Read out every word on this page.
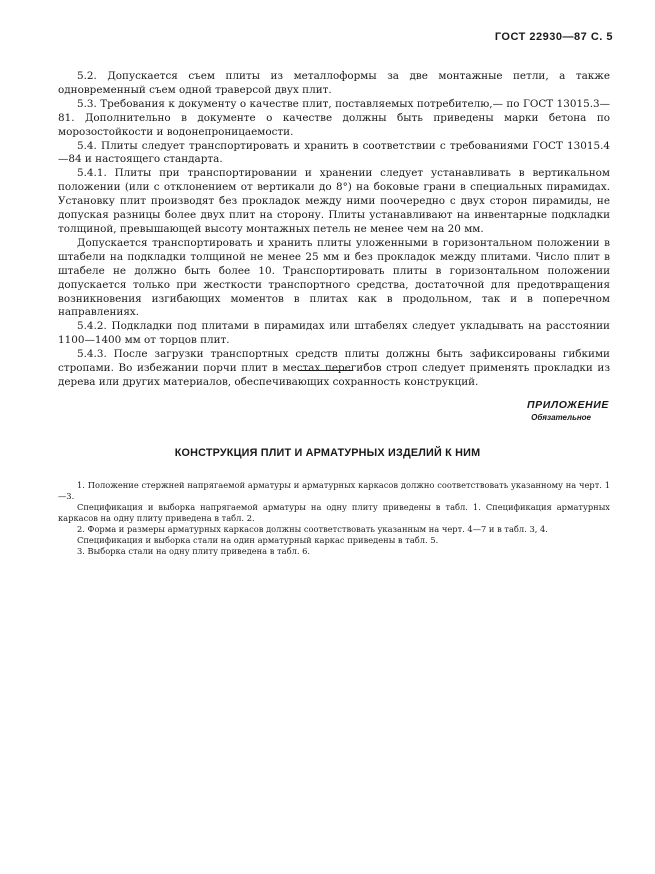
ГОСТ 22930—87 С. 5

5.2. Допускается съем плиты из металлоформы за две монтажные петли, а также одновременный съем одной траверсой двух плит.

5.3. Требования к документу о качестве плит, поставляемых потребителю,— по ГОСТ 13015.3—81. Дополнительно в документе о качестве должны быть приведены марки бетона по морозостойкости и водонепроницаемости.

5.4. Плиты следует транспортировать и хранить в соответствии с требованиями ГОСТ 13015.4—84 и настоящего стандарта.

5.4.1. Плиты при транспортировании и хранении следует устанавливать в вертикальном положении (или с отклонением от вертикали до 8°) на боковые грани в специальных пирамидах. Установку плит производят без прокладок между ними поочередно с двух сторон пирамиды, не допуская разницы более двух плит на сторону. Плиты устанавливают на инвентарные подкладки толщиной, превышающей высоту монтажных петель не менее чем на 20 мм.

Допускается транспортировать и хранить плиты уложенными в горизонтальном положении в штабели на подкладки толщиной не менее 25 мм и без прокладок между плитами. Число плит в штабеле не должно быть более 10. Транспортировать плиты в горизонтальном положении допускается только при жесткости транспортного средства, достаточной для предотвращения возникновения изгибающих моментов в плитах как в продольном, так и в поперечном направлениях.

5.4.2. Подкладки под плитами в пирамидах или штабелях следует укладывать на расстоянии 1100—1400 мм от торцов плит.

5.4.3. После загрузки транспортных средств плиты должны быть зафиксированы гибкими стропами. Во избежании порчи плит в местах перегибов строп следует применять прокладки из дерева или других материалов, обеспечивающих сохранность конструкций.

ПРИЛОЖЕНИЕ
Обязательное
КОНСТРУКЦИЯ ПЛИТ И АРМАТУРНЫХ ИЗДЕЛИЙ К НИМ

1. Положение стержней напрягаемой арматуры и арматурных каркасов должно соответствовать указанному на черт. 1—3.

Спецификация и выборка напрягаемой арматуры на одну плиту приведены в табл. 1. Спецификация арматурных каркасов на одну плиту приведена в табл. 2.

2. Форма и размеры арматурных каркасов должны соответствовать указанным на черт. 4—7 и в табл. 3, 4.

Спецификация и выборка стали на один арматурный каркас приведены в табл. 5.

3. Выборка стали на одну плиту приведена в табл. 6.
